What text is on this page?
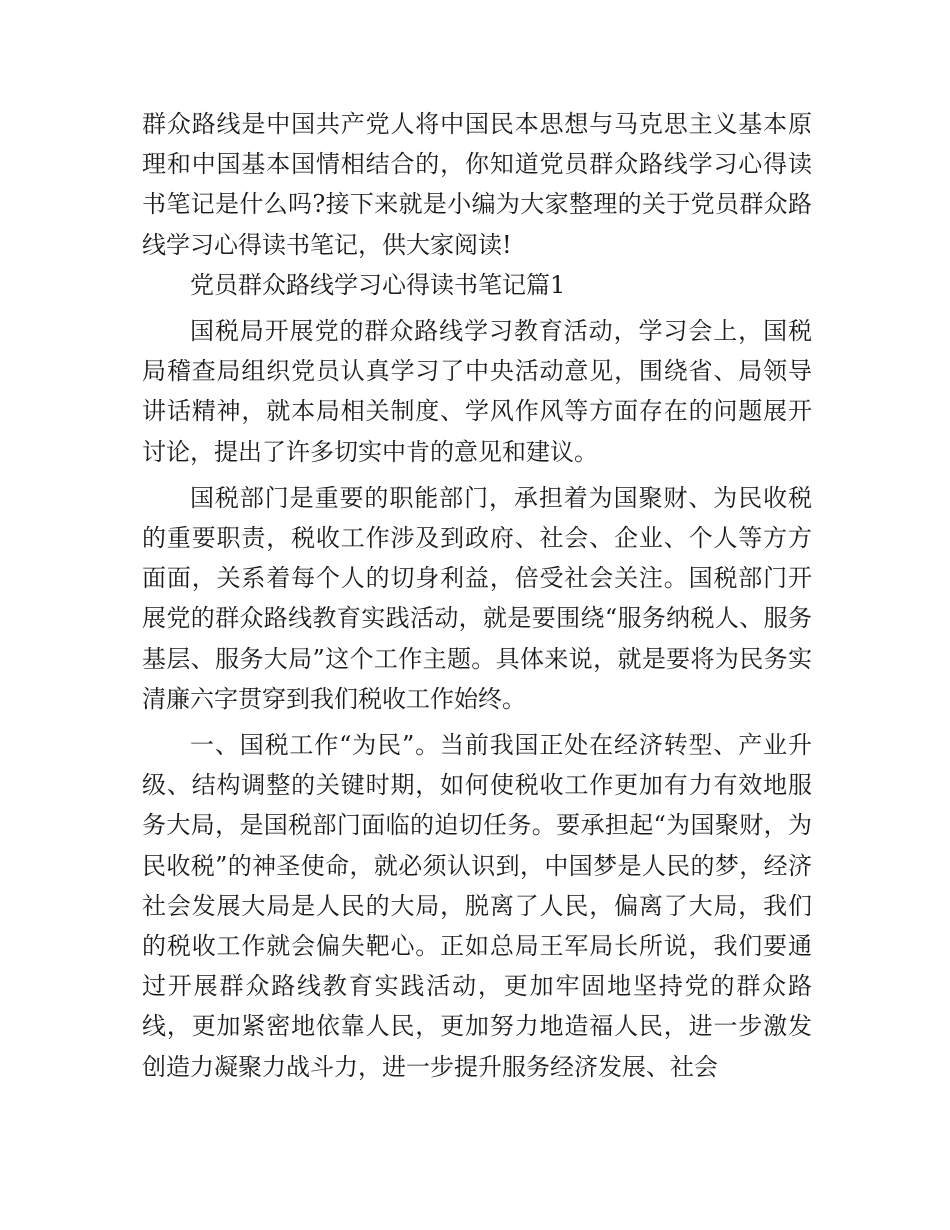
群众路线是中国共产党人将中国民本思想与马克思主义基本原理和中国基本国情相结合的，你知道党员群众路线学习心得读书笔记是什么吗?接下来就是小编为大家整理的关于党员群众路线学习心得读书笔记，供大家阅读!

党员群众路线学习心得读书笔记篇1

国税局开展党的群众路线学习教育活动，学习会上，国税局稽查局组织党员认真学习了中央活动意见，围绕省、局领导讲话精神，就本局相关制度、学风作风等方面存在的问题展开讨论，提出了许多切实中肯的意见和建议。

国税部门是重要的职能部门，承担着为国聚财、为民收税的重要职责，税收工作涉及到政府、社会、企业、个人等方方面面，关系着每个人的切身利益，倍受社会关注。国税部门开展党的群众路线教育实践活动，就是要围绕“服务纳税人、服务基层、服务大局”这个工作主题。具体来说，就是要将为民务实清廉六字贯穿到我们税收工作始终。

一、国税工作“为民”。当前我国正处在经济转型、产业升级、结构调整的关键时期，如何使税收工作更加有力有效地服务大局，是国税部门面临的迫切任务。要承担起“为国聚财，为民收税”的神圣使命，就必须认识到，中国梦是人民的梦，经济社会发展大局是人民的大局，脱离了人民，偏离了大局，我们的税收工作就会偏失靶心。正如总局王军局长所说，我们要通过开展群众路线教育实践活动，更加牢固地坚持党的群众路线，更加紧密地依靠人民，更加努力地造福人民，进一步激发创造力凝聚力战斗力，进一步提升服务经济发展、社会
